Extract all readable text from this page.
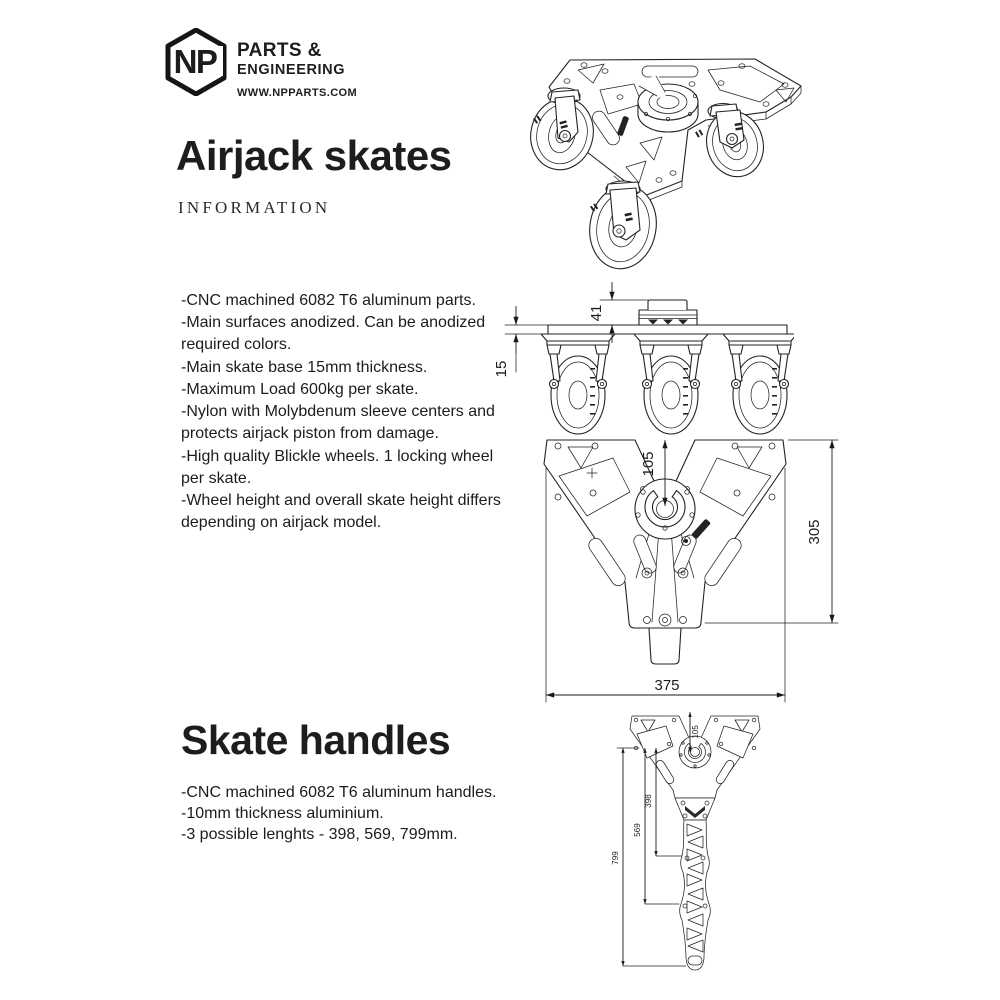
NP PARTS &
ENGINEERING
WWW.NPPARTS.COM
Airjack skates
INFORMATION
-CNC machined 6082 T6 aluminum parts.
-Main surfaces anodized. Can be anodized required colors.
-Main skate base 15mm thickness.
-Maximum Load 600kg per skate.
-Nylon with Molybdenum sleeve centers and protects airjack piston from damage.
-High quality Blickle wheels. 1 locking wheel per skate.
-Wheel height and overall skate height differs depending on airjack model.
Skate handles
-CNC machined 6082 T6 aluminum handles.
-10mm thickness aluminium.
-3 possible lenghts - 398, 569, 799mm.
41
15
105
305
375
105
398
569
799
